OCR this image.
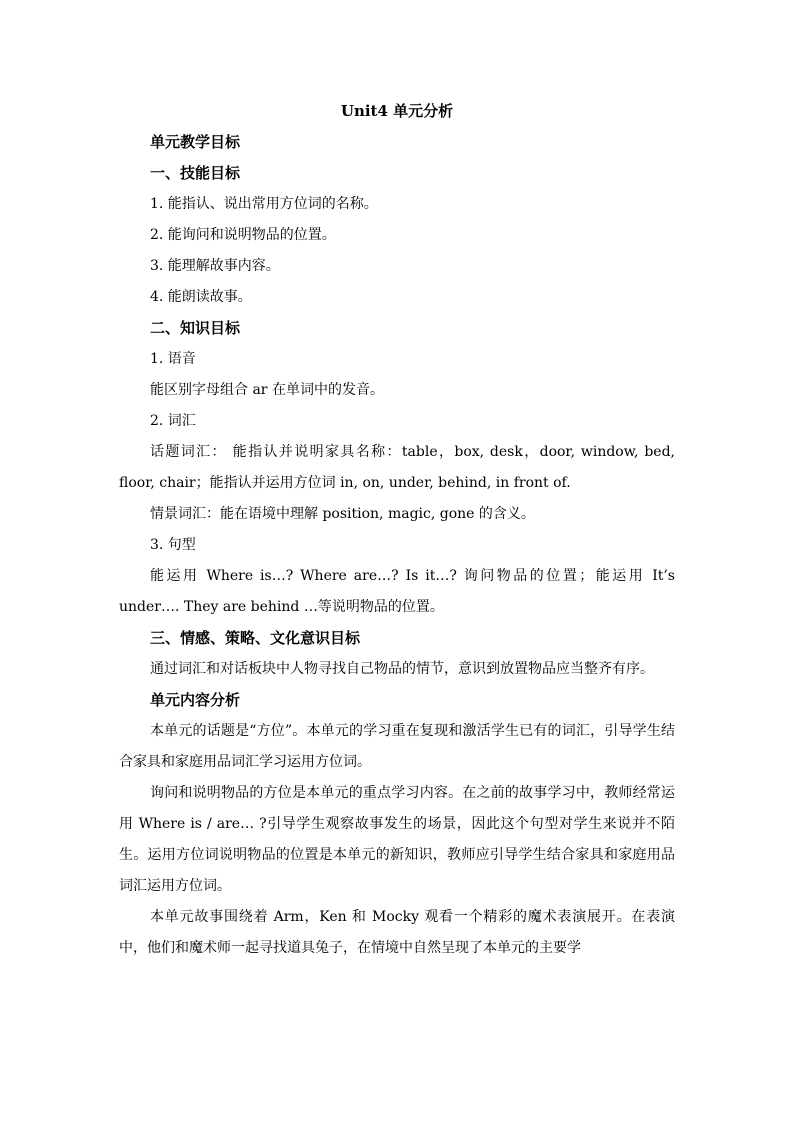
Unit4 单元分析

单元教学目标

一、技能目标

1. 能指认、说出常用方位词的名称。

2. 能询问和说明物品的位置。

3. 能理解故事内容。

4. 能朗读故事。

二、知识目标

1. 语音

能区别字母组合 ar 在单词中的发音。

2. 词汇

话题词汇： 能指认并说明家具名称：table，box, desk，door, window, bed, floor, chair；能指认并运用方位词 in, on, under, behind, in front of.

情景词汇：能在语境中理解 position, magic, gone 的含义。

3. 句型

能运用 Where is…? Where are…? Is it…? 询问物品的位置；能运用 It’s under…. They are behind …等说明物品的位置。

三、情感、策略、文化意识目标

通过词汇和对话板块中人物寻找自己物品的情节，意识到放置物品应当整齐有序。

单元内容分析

本单元的话题是“方位”。本单元的学习重在复现和激活学生已有的词汇，引导学生结合家具和家庭用品词汇学习运用方位词。

询问和说明物品的方位是本单元的重点学习内容。在之前的故事学习中，教师经常运用 Where is / are… ?引导学生观察故事发生的场景，因此这个句型对学生来说并不陌生。运用方位词说明物品的位置是本单元的新知识，教师应引导学生结合家具和家庭用品词汇运用方位词。

本单元故事围绕着 Arm，Ken 和 Mocky 观看一个精彩的魔术表演展开。在表演中，他们和魔术师一起寻找道具兔子，在情境中自然呈现了本单元的主要学
